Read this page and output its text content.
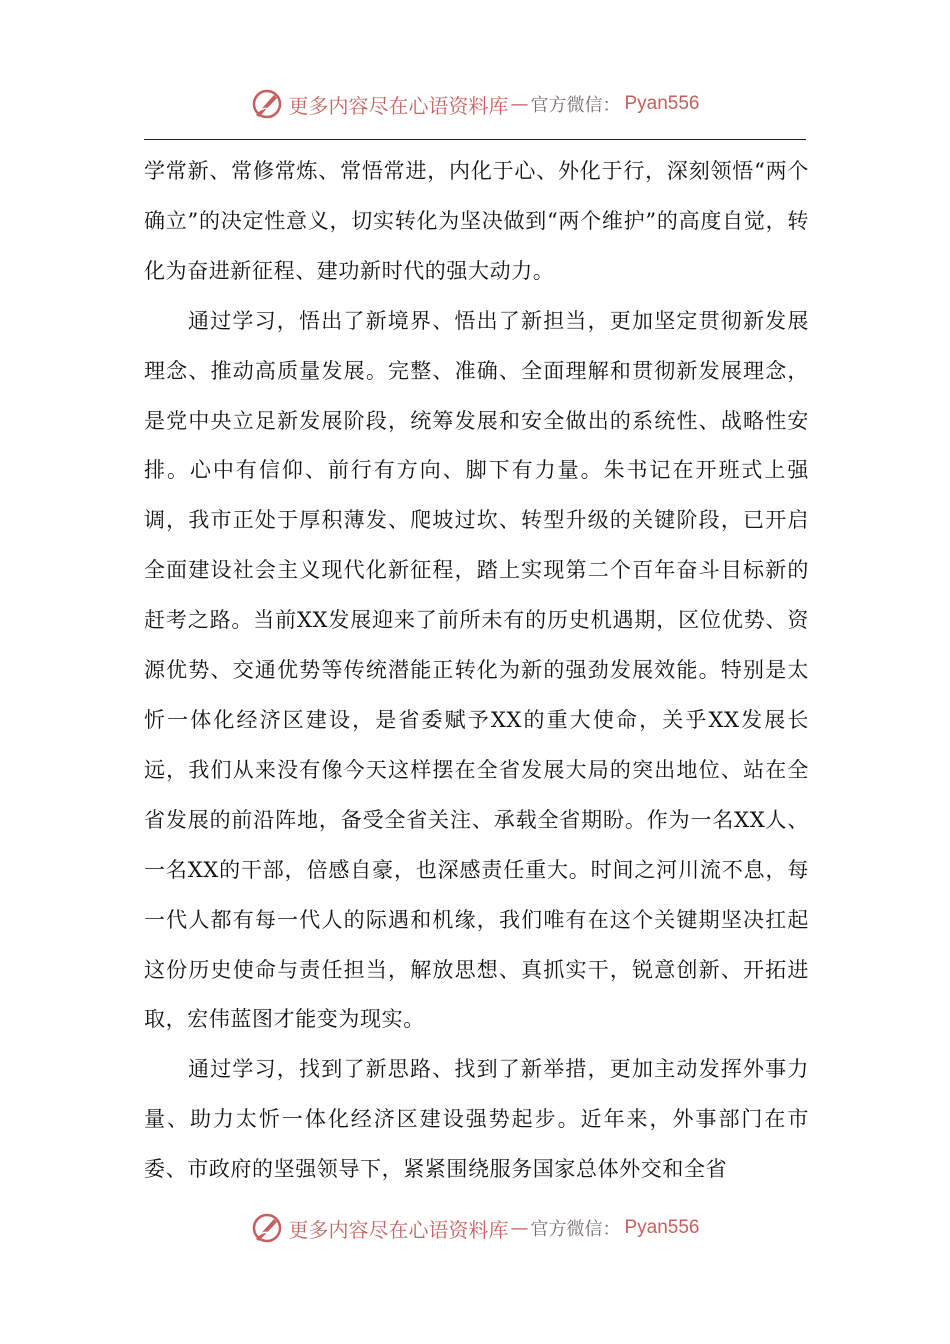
更多内容尽在心语资料库 — 官方微信： Pyan556

学常新、常修常炼、常悟常进，内化于心、外化于行，深刻领悟“两个确立”的决定性意义，切实转化为坚决做到“两个维护”的高度自觉，转化为奋进新征程、建功新时代的强大动力。

通过学习，悟出了新境界、悟出了新担当，更加坚定贯彻新发展理念、推动高质量发展。完整、准确、全面理解和贯彻新发展理念，是党中央立足新发展阶段，统筹发展和安全做出的系统性、战略性安排。心中有信仰、前行有方向、脚下有力量。朱书记在开班式上强调，我市正处于厚积薄发、爬坡过坎、转型升级的关键阶段，已开启全面建设社会主义现代化新征程，踏上实现第二个百年奋斗目标新的赶考之路。当前XX发展迎来了前所未有的历史机遇期，区位优势、资源优势、交通优势等传统潜能正转化为新的强劲发展效能。特别是太忻一体化经济区建设，是省委赋予XX的重大使命，关乎XX发展长远，我们从来没有像今天这样摆在全省发展大局的突出地位、站在全省发展的前沿阵地，备受全省关注、承载全省期盼。作为一名XX人、一名XX的干部，倍感自豪，也深感责任重大。时间之河川流不息，每一代人都有每一代人的际遇和机缘，我们唯有在这个关键期坚决扛起这份历史使命与责任担当，解放思想、真抓实干，锐意创新、开拓进取，宏伟蓝图才能变为现实。

通过学习，找到了新思路、找到了新举措，更加主动发挥外事力量、助力太忻一体化经济区建设强势起步。近年来，外事部门在市委、市政府的坚强领导下，紧紧围绕服务国家总体外交和全省

更多内容尽在心语资料库 — 官方微信： Pyan556
